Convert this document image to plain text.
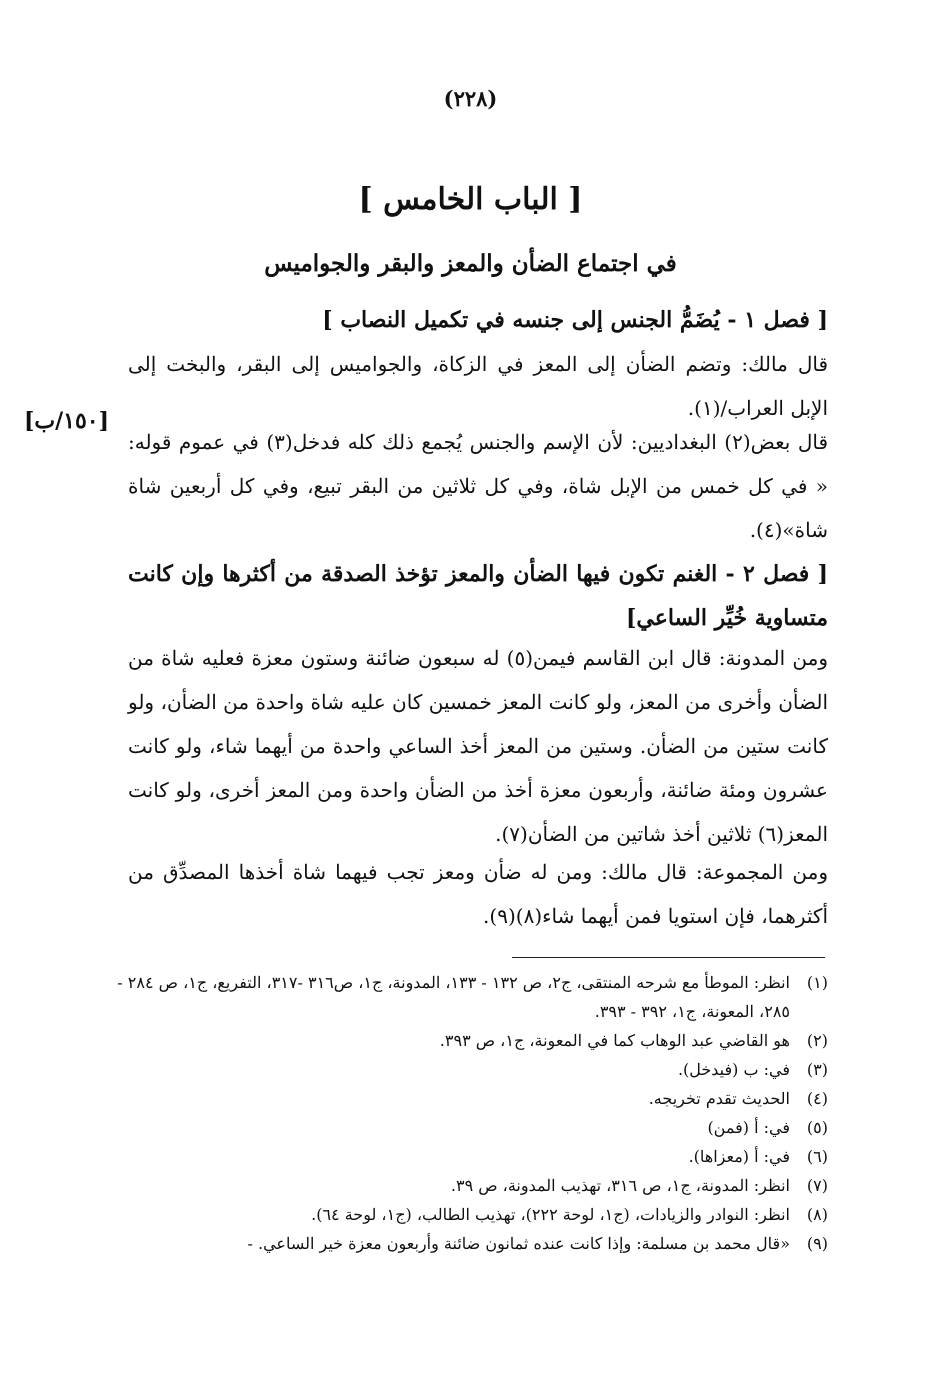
(٢٢٨)
[ الباب الخامس ]
في اجتماع الضأن والمعز والبقر والجواميس
[١٥٠/ب]
[ فصل ١ - يُضَمُّ الجنس إلى جنسه في تكميل النصاب ]
قال مالك: وتضم الضأن إلى المعز في الزكاة، والجواميس إلى البقر، والبخت إلى الإبل العراب/(١).
قال بعض(٢) البغداديين: لأن الإسم والجنس يُجمع ذلك كله فدخل(٣) في عموم قوله: « في كل خمس من الإبل شاة، وفي كل ثلاثين من البقر تبيع، وفي كل أربعين شاة شاة»(٤).
[ فصل ٢ - الغنم تكون فيها الضأن والمعز تؤخذ الصدقة من أكثرها وإن كانت متساوية خُيِّر الساعي]
ومن المدونة: قال ابن القاسم فيمن(٥) له سبعون ضائنة وستون معزة فعليه شاة من الضأن وأخرى من المعز، ولو كانت المعز خمسين كان عليه شاة واحدة من الضأن، ولو كانت ستين من الضأن. وستين من المعز أخذ الساعي واحدة من أيهما شاء، ولو كانت عشرون ومئة ضائنة، وأربعون معزة أخذ من الضأن واحدة ومن المعز أخرى، ولو كانت المعز(٦) ثلاثين أخذ شاتين من الضأن(٧).
ومن المجموعة: قال مالك: ومن له ضأن ومعز تجب فيهما شاة أخذها المصدِّق من أكثرهما، فإن استويا فمن أيهما شاء(٨)(٩).
(١)
انظر: الموطأ مع شرحه المنتقى، ج٢، ص ١٣٢ - ١٣٣، المدونة، ج١، ص٣١٦ -٣١٧، التفريع، ج١، ص ٢٨٤ - ٢٨٥، المعونة، ج١، ٣٩٢ - ٣٩٣.
(٢)
هو القاضي عبد الوهاب كما في المعونة، ج١، ص ٣٩٣.
(٣)
في: ب (فيدخل).
(٤)
الحديث تقدم تخريجه.
(٥)
في: أ (فمن)
(٦)
في: أ (معزاها).
(٧)
انظر: المدونة، ج١، ص ٣١٦، تهذيب المدونة، ص ٣٩.
(٨)
انظر: النوادر والزيادات، (ج١، لوحة ٢٢٢)، تهذيب الطالب، (ج١، لوحة ٦٤).
(٩)
«قال محمد بن مسلمة: وإذا كانت عنده ثمانون ضائنة وأربعون معزة خير الساعي. -
